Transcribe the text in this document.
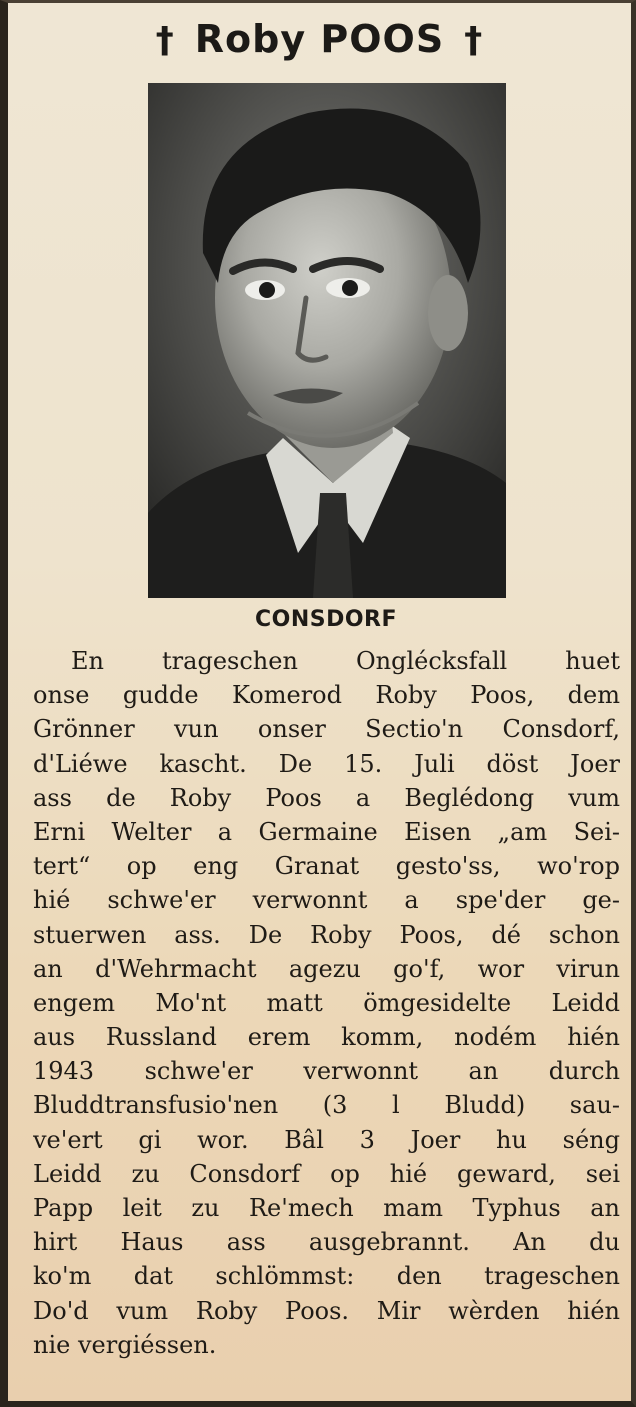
† Roby POOS †
CONSDORF
En trageschen Onglécksfall huet
onse gudde Komerod Roby Poos, dem
Grönner vun onser Sectio'n Consdorf,
d'Liéwe kascht. De 15. Juli döst Joer
ass de Roby Poos a Beglédong vum
Erni Welter a Germaine Eisen „am Sei-
tert“ op eng Granat gesto'ss, wo'rop
hié schwe'er verwonnt a spe'der ge-
stuerwen ass. De Roby Poos, dé schon
an d'Wehrmacht agezu go'f, wor virun
engem Mo'nt matt ömgesidelte Leidd
aus Russland erem komm, nodém hién
1943 schwe'er verwonnt an durch
Bluddtransfusio'nen (3 l Bludd) sau-
ve'ert gi wor. Bâl 3 Joer hu séng
Leidd zu Consdorf op hié geward, sei
Papp leit zu Re'mech mam Typhus an
hirt Haus ass ausgebrannt. An du
ko'm dat schlömmst: den trageschen
Do'd vum Roby Poos. Mir wèrden hién
nie vergiéssen.
